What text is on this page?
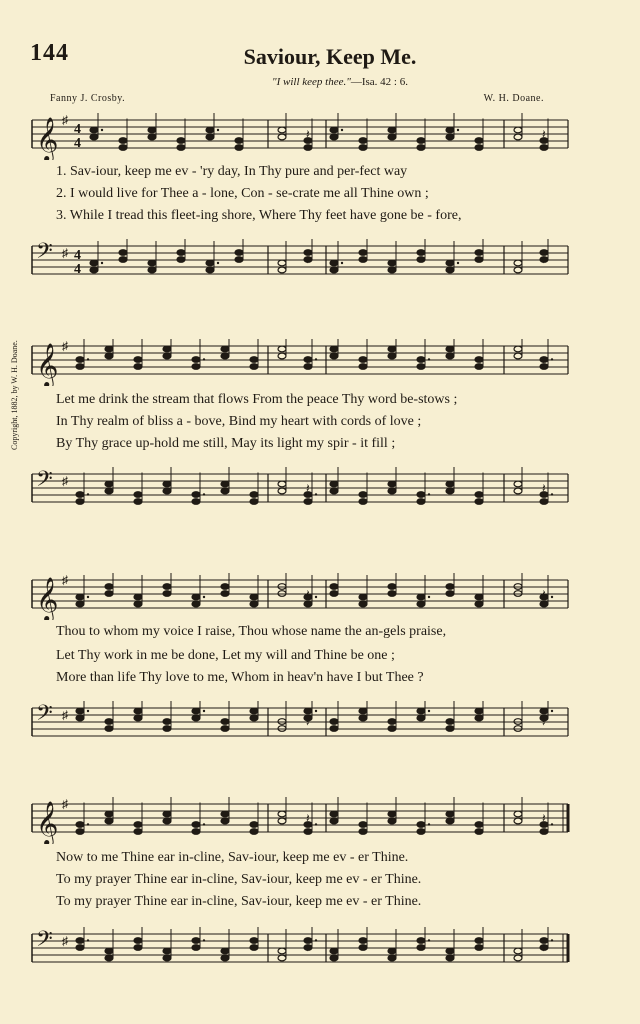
144	Saviour, Keep Me.
"I will keep thee."—Isa. 42 : 6.
Fanny J. Crosby.	W. H. Doane.
Copyright, 1882, by W. H. Doane.
𝄞 ♯
4
4
𝄽	𝄽
1. Sav-iour, keep me ev - 'ry day, In Thy pure and per-fect way
2. I would live for Thee a - lone, Con - se-crate me all Thine own ;
3. While I tread this fleet-ing shore, Where Thy feet have gone be - fore,
𝄢 ♯ 4
4
𝄽	𝄽
𝄞 ♯
𝄽	𝄽
Let me drink the stream that flows From the peace Thy word be-stows ;
In Thy realm of bliss a - bove, Bind my heart with cords of love ;
By Thy grace up-hold me still, May its light my spir - it fill ;
𝄢 ♯	𝄽	𝄽
𝄞 ♯
𝄽	𝄽
Thou to whom my voice I raise, Thou whose name the an-gels praise,
Let Thy work in me be done, Let my will and Thine be one ;
More than life Thy love to me, Whom in heav'n have I but Thee ?
𝄢 ♯	𝄽	𝄽
𝄞 ♯
𝄽	𝄽
Now to me Thine ear in-cline, Sav-iour, keep me ev - er Thine.
To my prayer Thine ear in-cline, Sav-iour, keep me ev - er Thine.
To my prayer Thine ear in-cline, Sav-iour, keep me ev - er Thine.
𝄢 ♯	𝄽	𝄽
